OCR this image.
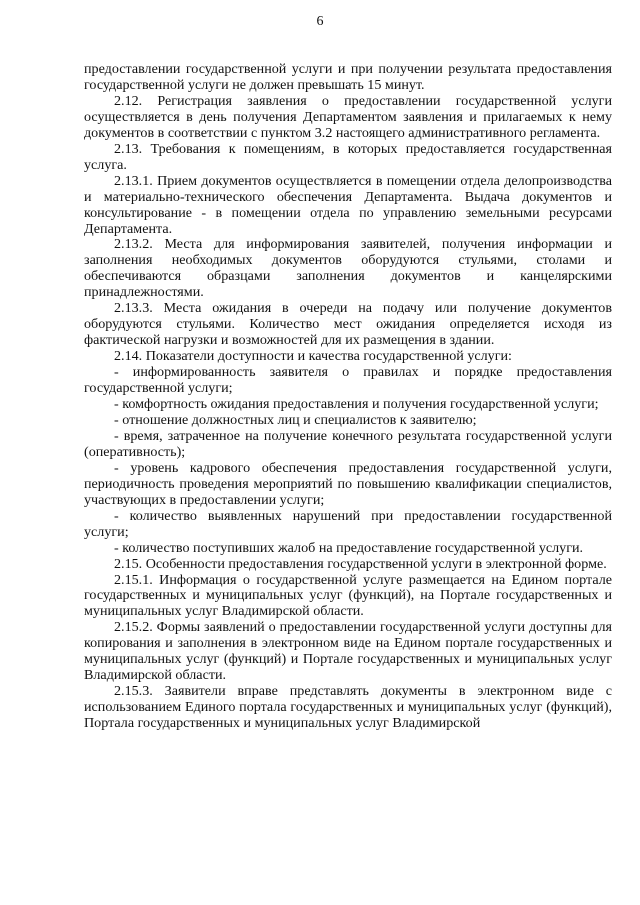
6

предоставлении государственной услуги и при получении результата предоставления государственной услуги не должен превышать 15 минут.

2.12. Регистрация заявления о предоставлении государственной услуги осуществляется в день получения Департаментом заявления и прилагаемых к нему документов в соответствии с пунктом 3.2 настоящего административного регламента.

2.13. Требования к помещениям, в которых предоставляется государственная услуга.

2.13.1. Прием документов осуществляется в помещении отдела делопроизводства и материально-технического обеспечения Департамента. Выдача документов и консультирование - в помещении отдела по управлению земельными ресурсами Департамента.

2.13.2. Места для информирования заявителей, получения информации и заполнения необходимых документов оборудуются стульями, столами и обеспечиваются образцами заполнения документов и канцелярскими принадлежностями.

2.13.3. Места ожидания в очереди на подачу или получение документов оборудуются стульями. Количество мест ожидания определяется исходя из фактической нагрузки и возможностей для их размещения в здании.

2.14. Показатели доступности и качества государственной услуги:

- информированность заявителя о правилах и порядке предоставления государственной услуги;

- комфортность ожидания предоставления и получения государственной услуги;

- отношение должностных лиц и специалистов к заявителю;

- время, затраченное на получение конечного результата государственной услуги (оперативность);

- уровень кадрового обеспечения предоставления государственной услуги, периодичность проведения мероприятий по повышению квалификации специалистов, участвующих в предоставлении услуги;

- количество выявленных нарушений при предоставлении государственной услуги;

- количество поступивших жалоб на предоставление государственной услуги.

2.15. Особенности предоставления государственной услуги в электронной форме.

2.15.1. Информация о государственной услуге размещается на Едином портале государственных и муниципальных услуг (функций), на Портале государственных и муниципальных услуг Владимирской области.

2.15.2. Формы заявлений о предоставлении государственной услуги доступны для копирования и заполнения в электронном виде на Едином портале государственных и муниципальных услуг (функций) и Портале государственных и муниципальных услуг Владимирской области.

2.15.3. Заявители вправе представлять документы в электронном виде с использованием Единого портала государственных и муниципальных услуг (функций), Портала государственных и муниципальных услуг Владимирской
